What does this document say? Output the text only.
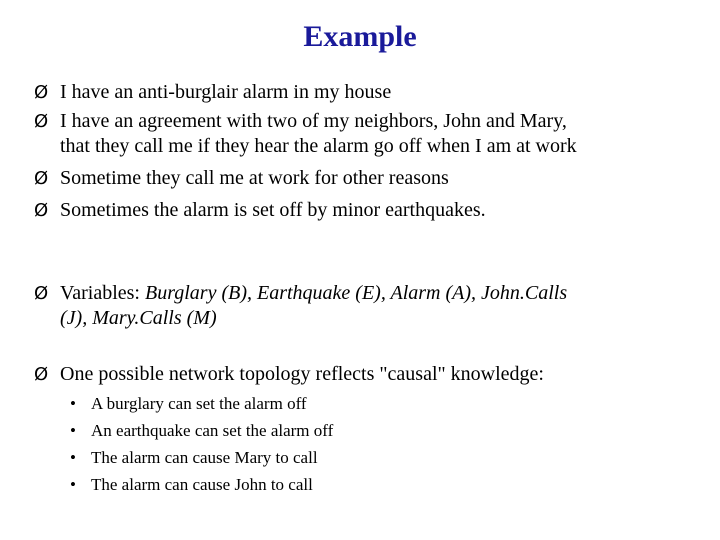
Example
Ø I have an anti-burglair alarm in my house
Ø I have an agreement with two of my neighbors, John and Mary,
that they call me if they hear the alarm go off when I am at work
Ø Sometime they call me at work for other reasons
Ø Sometimes the alarm is set off by minor earthquakes.
Ø Variables: Burglary (B), Earthquake (E), Alarm (A), John.Calls
(J), Mary.Calls (M)
Ø One possible network topology reflects "causal" knowledge:
• A burglary can set the alarm off
• An earthquake can set the alarm off
• The alarm can cause Mary to call
• The alarm can cause John to call
